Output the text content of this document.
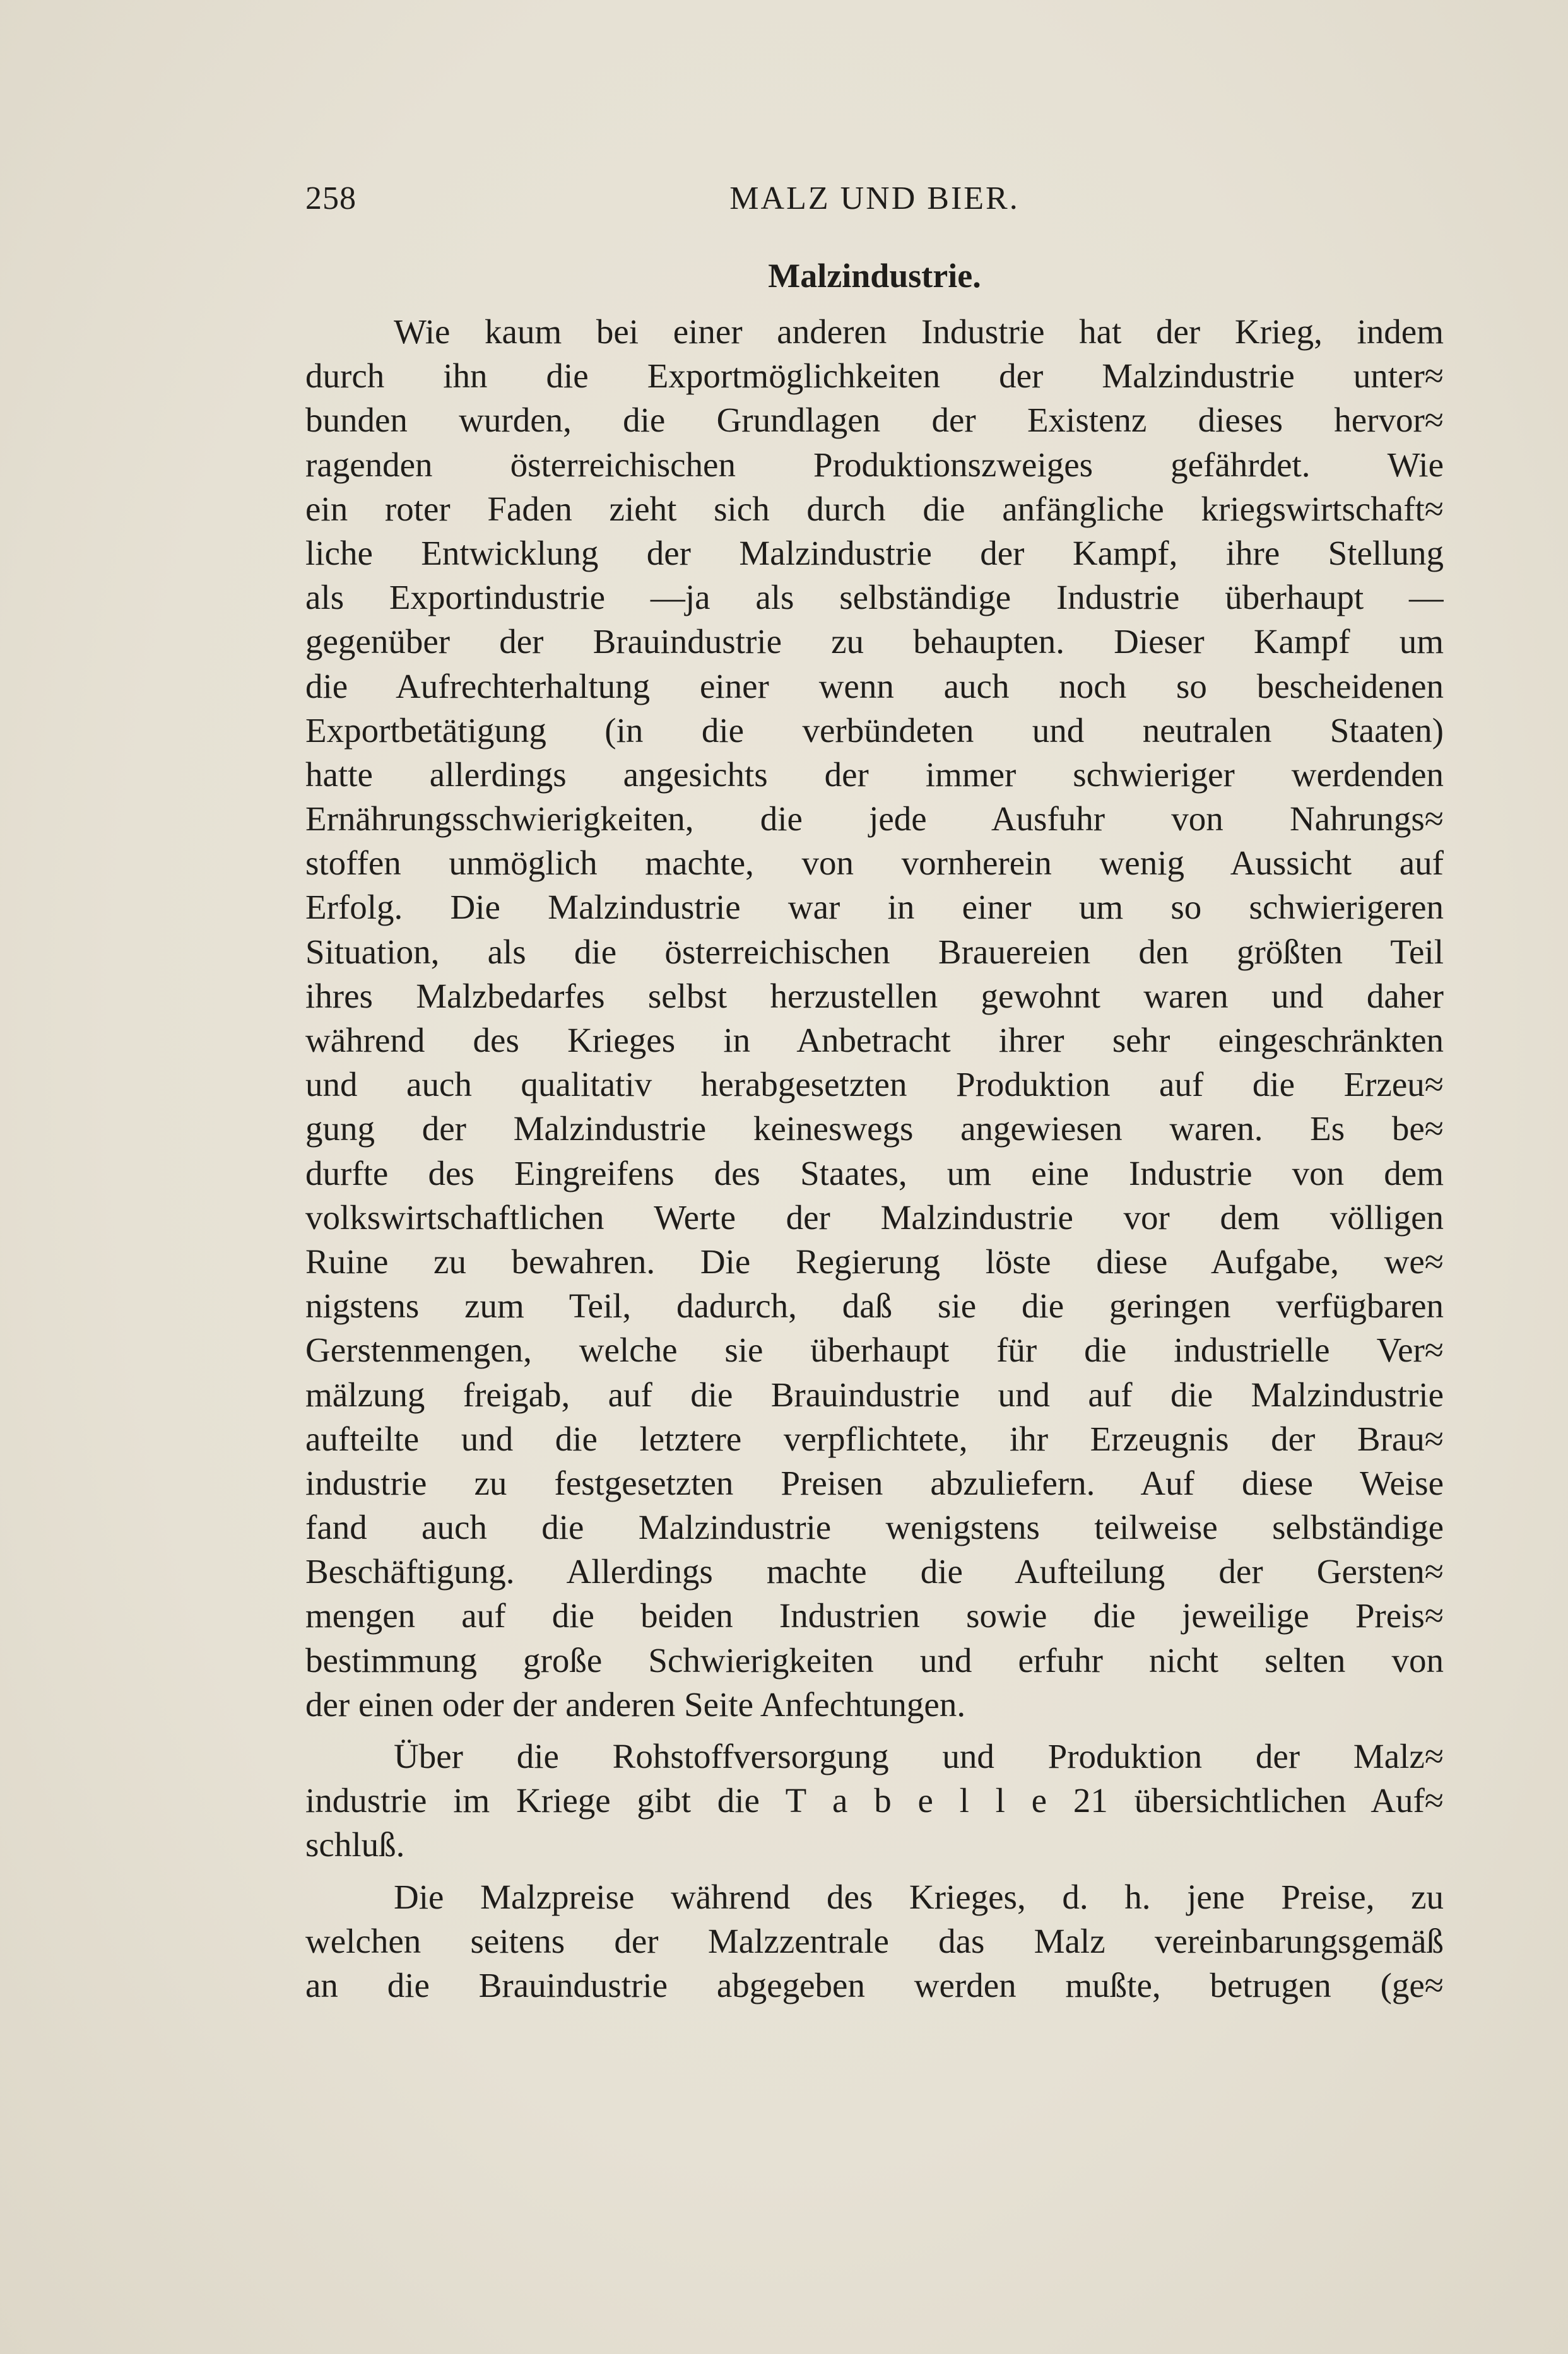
258	MALZ UND BIER.
Malzindustrie.
Wie kaum bei einer anderen Industrie hat der Krieg, indem
durch ihn die Exportmöglichkeiten der Malzindustrie unter≈
bunden wurden, die Grundlagen der Existenz dieses hervor≈
ragenden österreichischen Produktionszweiges gefährdet. Wie
ein roter Faden zieht sich durch die anfängliche kriegswirtschaft≈
liche Entwicklung der Malzindustrie der Kampf, ihre Stellung
als Exportindustrie —ja als selbständige Industrie überhaupt —
gegenüber der Brauindustrie zu behaupten. Dieser Kampf um
die Aufrechterhaltung einer wenn auch noch so bescheidenen
Exportbetätigung (in die verbündeten und neutralen Staaten)
hatte allerdings angesichts der immer schwieriger werdenden
Ernährungsschwierigkeiten, die jede Ausfuhr von Nahrungs≈
stoffen unmöglich machte, von vornherein wenig Aussicht auf
Erfolg. Die Malzindustrie war in einer um so schwierigeren
Situation, als die österreichischen Brauereien den größten Teil
ihres Malzbedarfes selbst herzustellen gewohnt waren und daher
während des Krieges in Anbetracht ihrer sehr eingeschränkten
und auch qualitativ herabgesetzten Produktion auf die Erzeu≈
gung der Malzindustrie keineswegs angewiesen waren. Es be≈
durfte des Eingreifens des Staates, um eine Industrie von dem
volkswirtschaftlichen Werte der Malzindustrie vor dem völligen
Ruine zu bewahren. Die Regierung löste diese Aufgabe, we≈
nigstens zum Teil, dadurch, daß sie die geringen verfügbaren
Gerstenmengen, welche sie überhaupt für die industrielle Ver≈
mälzung freigab, auf die Brauindustrie und auf die Malzindustrie
aufteilte und die letztere verpflichtete, ihr Erzeugnis der Brau≈
industrie zu festgesetzten Preisen abzuliefern. Auf diese Weise
fand auch die Malzindustrie wenigstens teilweise selbständige
Beschäftigung. Allerdings machte die Aufteilung der Gersten≈
mengen auf die beiden Industrien sowie die jeweilige Preis≈
bestimmung große Schwierigkeiten und erfuhr nicht selten von
der einen oder der anderen Seite Anfechtungen.
Über die Rohstoffversorgung und Produktion der Malz≈
industrie im Kriege gibt die T a b e l l e 21 übersichtlichen Auf≈
schluß.
Die Malzpreise während des Krieges, d. h. jene Preise, zu
welchen seitens der Malzzentrale das Malz vereinbarungsgemäß
an die Brauindustrie abgegeben werden mußte, betrugen (ge≈
